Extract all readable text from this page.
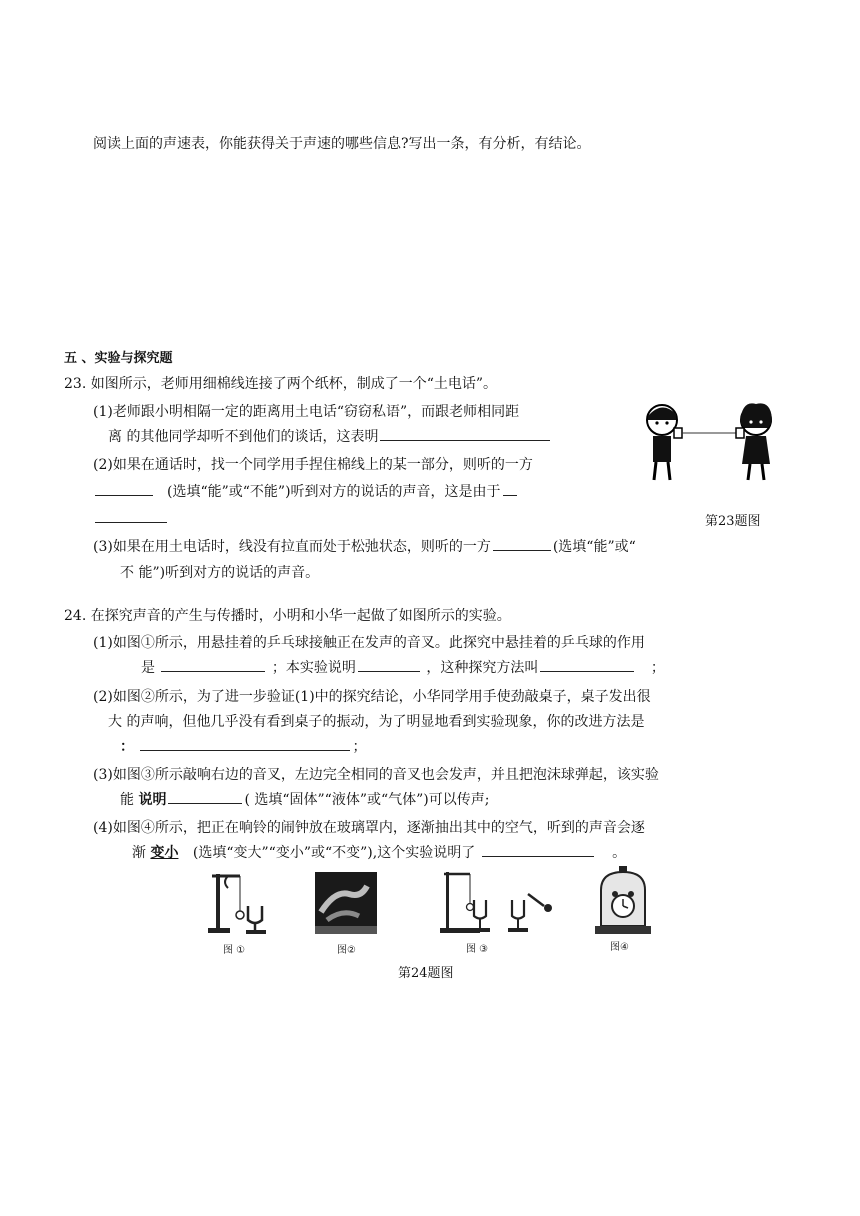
阅读上面的声速表，你能获得关于声速的哪些信息?写出一条，有分析，有结论。
五 、实验与探究题
23. 如图所示，老师用细棉线连接了两个纸杯，制成了一个“土电话”。
(1)老师跟小明相隔一定的距离用土电话“窃窃私语”，而跟老师相同距
离 的其他同学却听不到他们的谈话，这表明
(2)如果在通话时，找一个同学用手捏住棉线上的某一部分，则听的一方
(选填“能”或“不能”)听到对方的说话的声音，这是由于
第23题图
(3)如果在用土电话时，线没有拉直而处于松弛状态，则听的一方	(选填“能”或“
不 能”)听到对方的说话的声音。
24. 在探究声音的产生与传播时，小明和小华一起做了如图所示的实验。
(1)如图①所示，用悬挂着的乒乓球接触正在发声的音叉。此探究中悬挂着的乒乓球的作用
是	；本实验说明	，这种探究方法叫	；
(2)如图②所示，为了进一步验证(1)中的探究结论，小华同学用手使劲敲桌子，桌子发出很
大 的声响，但他几乎没有看到桌子的振动，为了明显地看到实验现象，你的改进方法是
：	；
(3)如图③所示敲响右边的音叉，左边完全相同的音叉也会发声，并且把泡沫球弹起，该实验
能 说明	( 选填“固体”“液体”或“气体”)可以传声;
(4)如图④所示，把正在响铃的闹钟放在玻璃罩内，逐渐抽出其中的空气，听到的声音会逐
渐 变小 (选填“变大”“变小”或“不变”),这个实验说明了	。
图 ①	图②	图 ③	图④
第24题图
